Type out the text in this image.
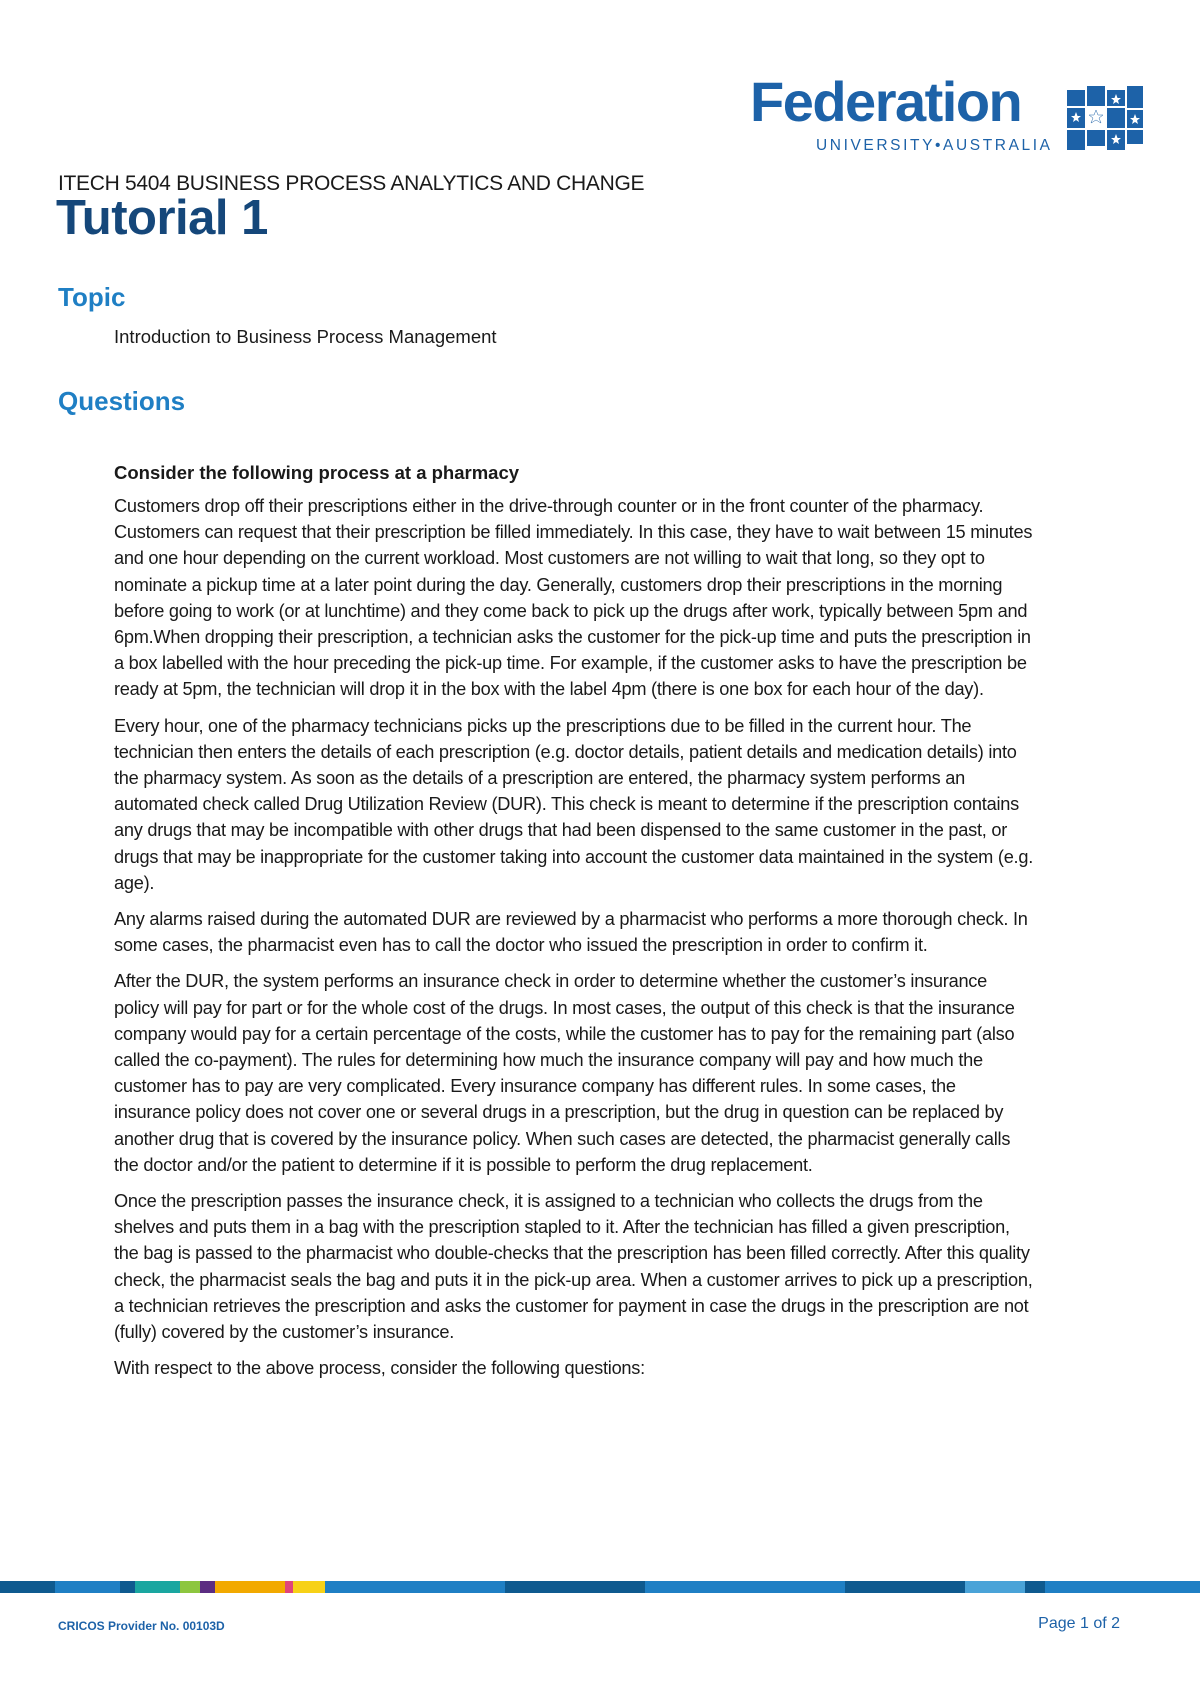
Federation
UNIVERSITY•AUSTRALIA
ITECH 5404 BUSINESS PROCESS ANALYTICS AND CHANGE
Tutorial 1
Topic
Introduction to Business Process Management
Questions

Consider the following process at a pharmacy

Customers drop off their prescriptions either in the drive-through counter or in the front counter of the pharmacy. Customers can request that their prescription be filled immediately. In this case, they have to wait between 15 minutes and one hour depending on the current workload. Most customers are not willing to wait that long, so they opt to nominate a pickup time at a later point during the day. Generally, customers drop their prescriptions in the morning before going to work (or at lunchtime) and they come back to pick up the drugs after work, typically between 5pm and 6pm.When dropping their prescription, a technician asks the customer for the pick-up time and puts the prescription in a box labelled with the hour preceding the pick-up time. For example, if the customer asks to have the prescription be ready at 5pm, the technician will drop it in the box with the label 4pm (there is one box for each hour of the day).

Every hour, one of the pharmacy technicians picks up the prescriptions due to be filled in the current hour. The technician then enters the details of each prescription (e.g. doctor details, patient details and medication details) into the pharmacy system. As soon as the details of a prescription are entered, the pharmacy system performs an automated check called Drug Utilization Review (DUR). This check is meant to determine if the prescription contains any drugs that may be incompatible with other drugs that had been dispensed to the same customer in the past, or drugs that may be inappropriate for the customer taking into account the customer data maintained in the system (e.g. age).

Any alarms raised during the automated DUR are reviewed by a pharmacist who performs a more thorough check. In some cases, the pharmacist even has to call the doctor who issued the prescription in order to confirm it.

After the DUR, the system performs an insurance check in order to determine whether the customer’s insurance policy will pay for part or for the whole cost of the drugs. In most cases, the output of this check is that the insurance company would pay for a certain percentage of the costs, while the customer has to pay for the remaining part (also called the co-payment). The rules for determining how much the insurance company will pay and how much the customer has to pay are very complicated. Every insurance company has different rules. In some cases, the insurance policy does not cover one or several drugs in a prescription, but the drug in question can be replaced by another drug that is covered by the insurance policy. When such cases are detected, the pharmacist generally calls the doctor and/or the patient to determine if it is possible to perform the drug replacement.

Once the prescription passes the insurance check, it is assigned to a technician who collects the drugs from the shelves and puts them in a bag with the prescription stapled to it. After the technician has filled a given prescription, the bag is passed to the pharmacist who double-checks that the prescription has been filled correctly. After this quality check, the pharmacist seals the bag and puts it in the pick-up area. When a customer arrives to pick up a prescription, a technician retrieves the prescription and asks the customer for payment in case the drugs in the prescription are not (fully) covered by the customer’s insurance.

With respect to the above process, consider the following questions:

CRICOS Provider No. 00103D	Page 1 of 2
